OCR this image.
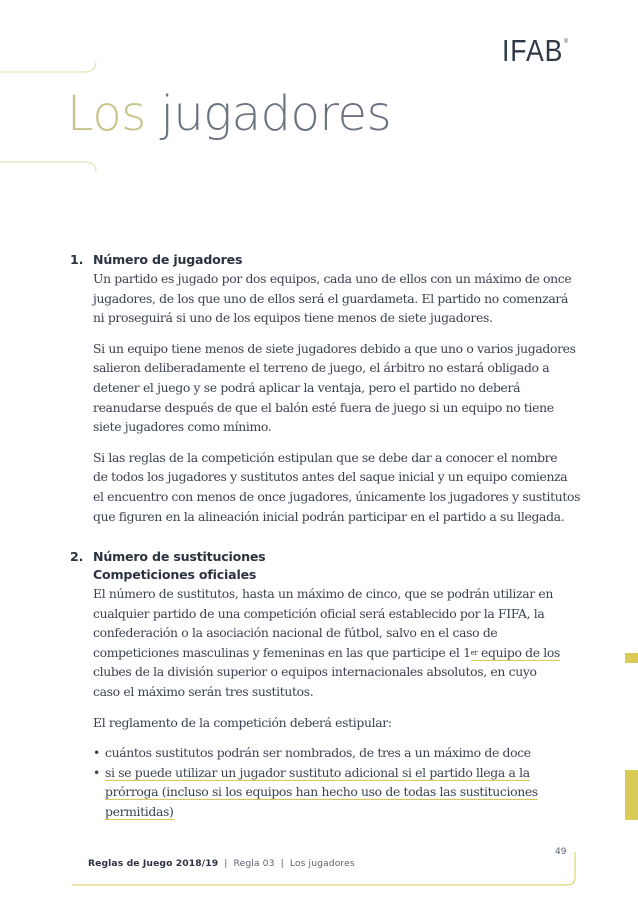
IFAB®
Los jugadores
1. Número de jugadores
Un partido es jugado por dos equipos, cada uno de ellos con un máximo de once
jugadores, de los que uno de ellos será el guardameta. El partido no comenzará
ni proseguirá si uno de los equipos tiene menos de siete jugadores.
Si un equipo tiene menos de siete jugadores debido a que uno o varios jugadores
salieron deliberadamente el terreno de juego, el árbitro no estará obligado a
detener el juego y se podrá aplicar la ventaja, pero el partido no deberá
reanudarse después de que el balón esté fuera de juego si un equipo no tiene
siete jugadores como mínimo.
Si las reglas de la competición estipulan que se debe dar a conocer el nombre
de todos los jugadores y sustitutos antes del saque inicial y un equipo comienza
el encuentro con menos de once jugadores, únicamente los jugadores y sustitutos
que figuren en la alineación inicial podrán participar en el partido a su llegada.
2. Número de sustituciones
Competiciones oficiales
El número de sustitutos, hasta un máximo de cinco, que se podrán utilizar en
cualquier partido de una competición oficial será establecido por la FIFA, la
confederación o la asociación nacional de fútbol, salvo en el caso de
competiciones masculinas y femeninas en las que participe el 1er equipo de los
clubes de la división superior o equipos internacionales absolutos, en cuyo
caso el máximo serán tres sustitutos.
El reglamento de la competición deberá estipular:
• cuántos sustitutos podrán ser nombrados, de tres a un máximo de doce
• si se puede utilizar un jugador sustituto adicional si el partido llega a la
prórroga (incluso si los equipos han hecho uso de todas las sustituciones
permitidas)
49
Reglas de Juego 2018/19 | Regla 03 | Los jugadores
